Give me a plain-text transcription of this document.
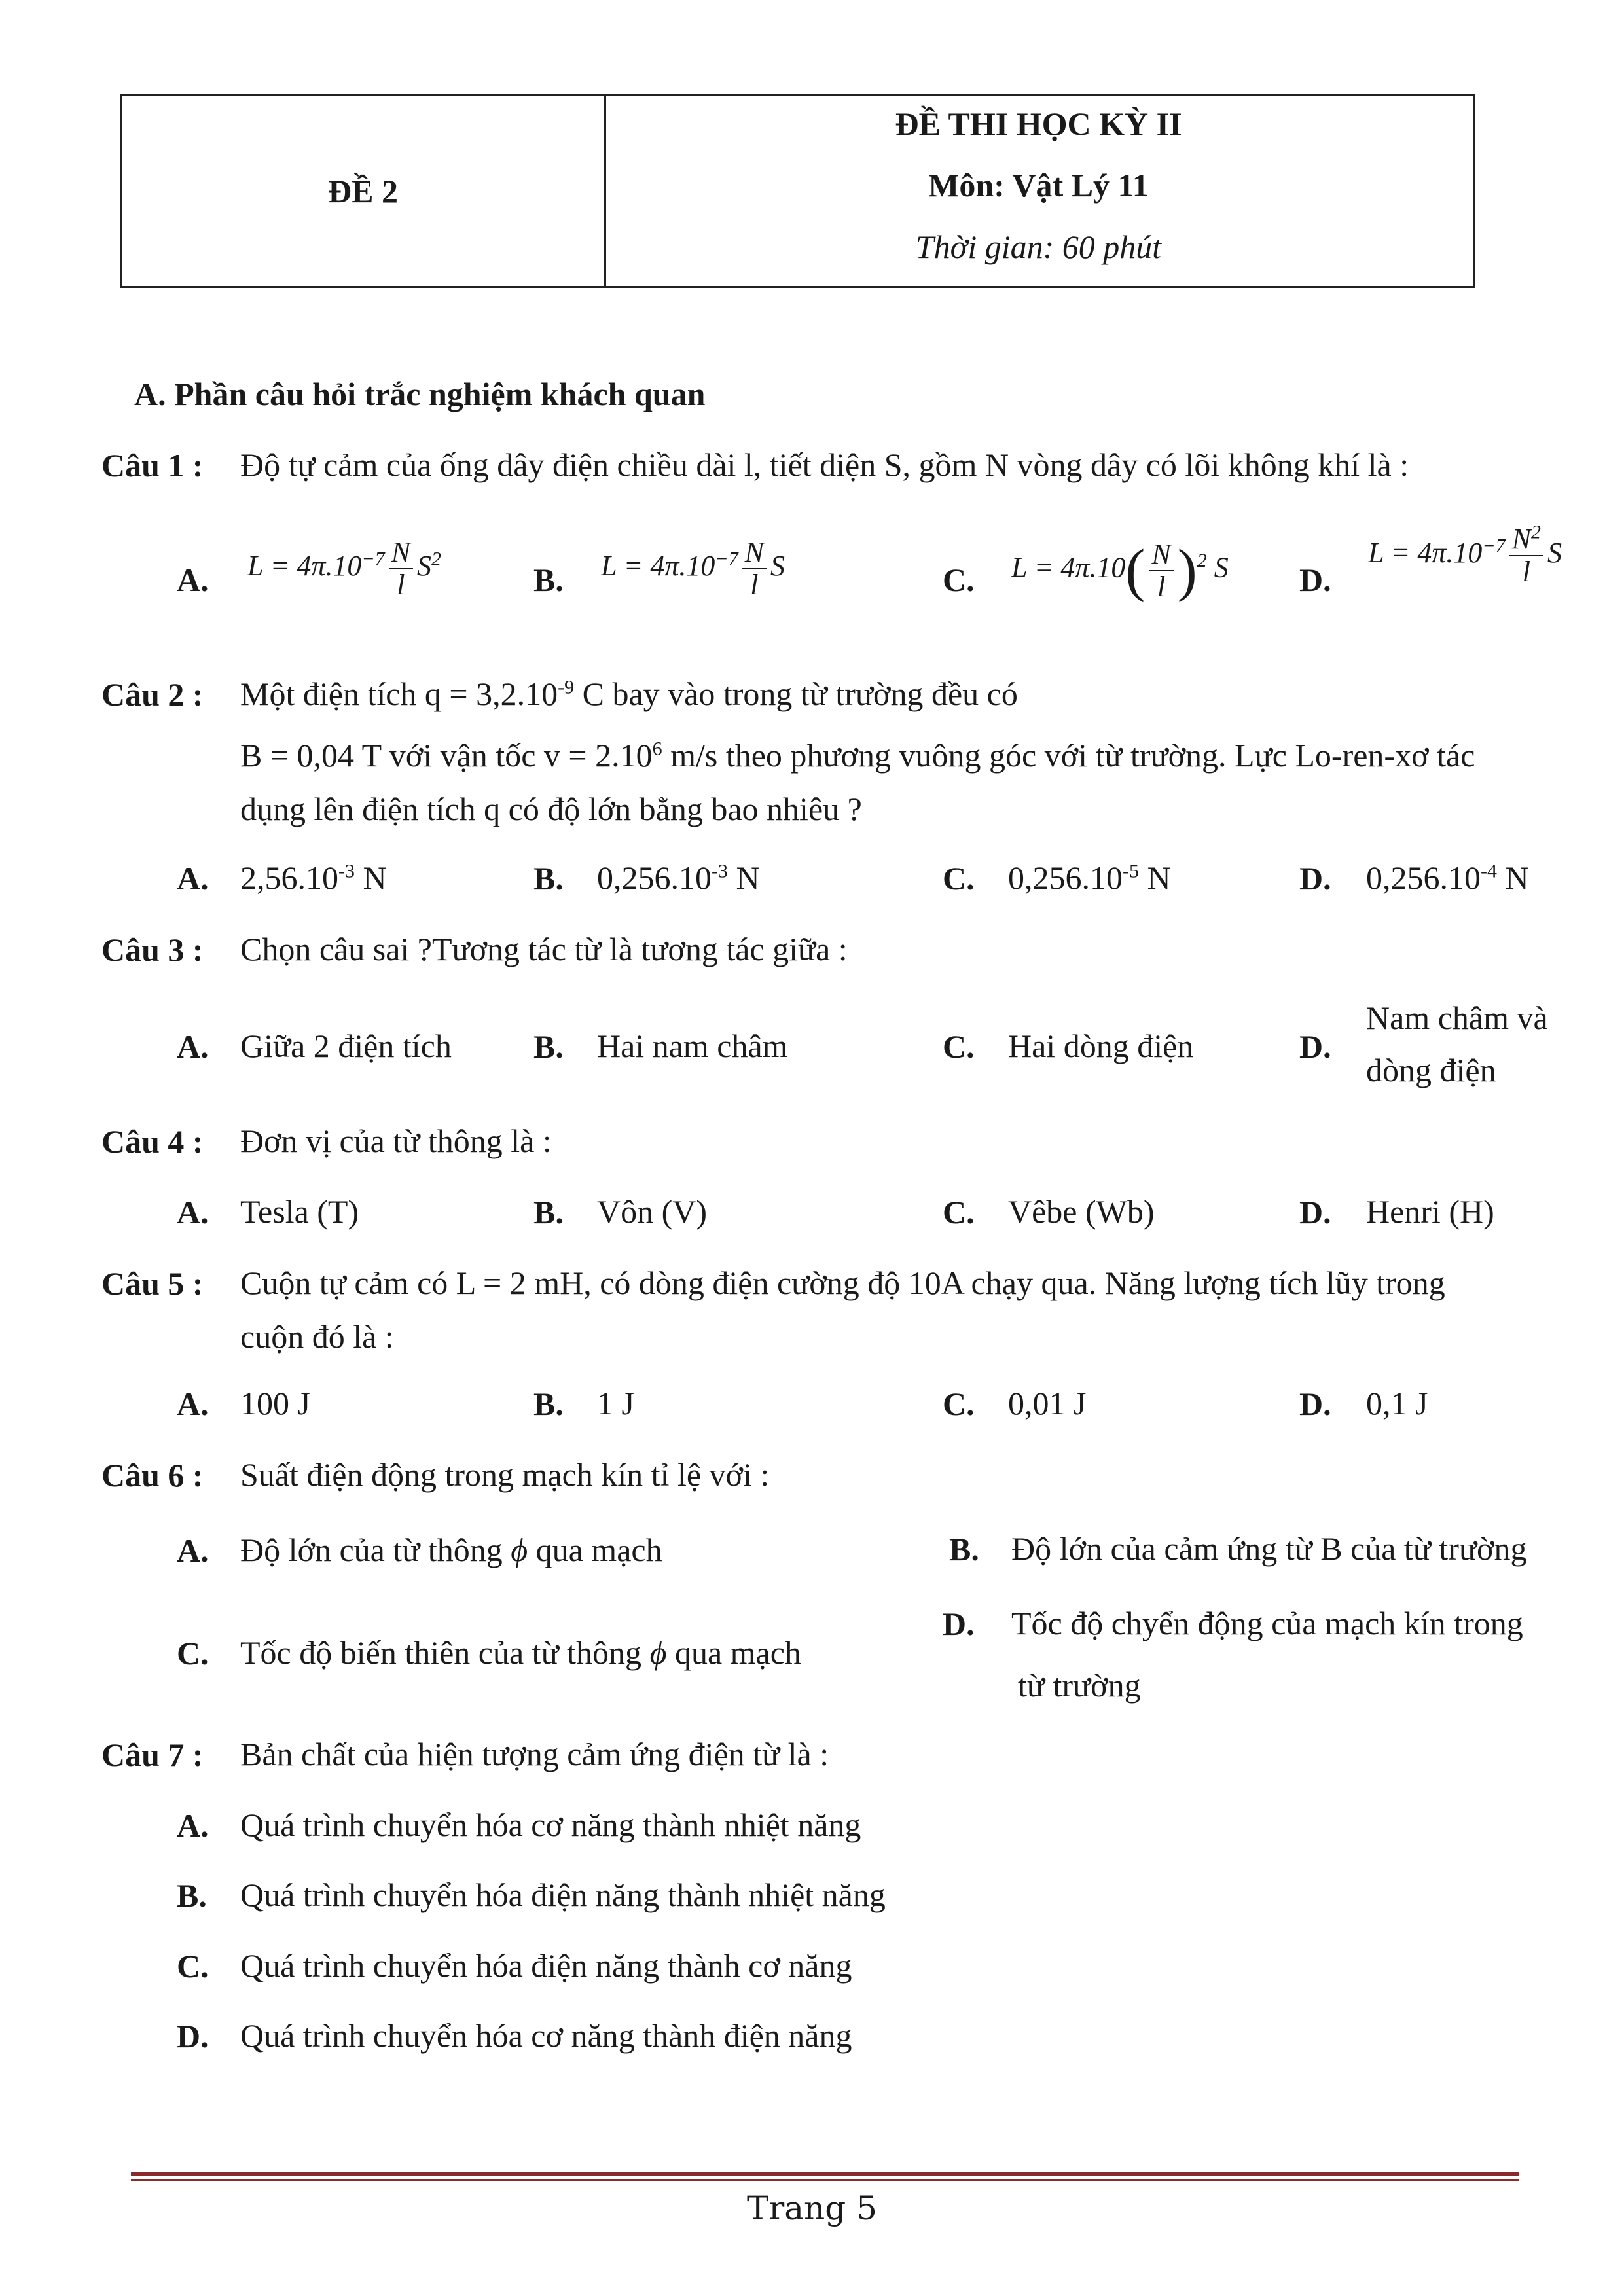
ĐỀ 2
ĐỀ THI HỌC KỲ II
Môn: Vật Lý 11
Thời gian: 60 phút
A. Phần câu hỏi trắc nghiệm khách quan
Câu 1 : Độ tự cảm của ống dây điện chiều dài l, tiết diện S, gồm N vòng dây có lõi không khí là :
A. $L = 4\pi.10^{-7} \frac{N}{l} S^2$
B. $L = 4\pi.10^{-7} \frac{N}{l}$ S	C. $L = 4\pi.10( \frac{N}{l} )^2$ S D.
$L = 4\pi.10^{-7} \frac{N^2}{l}$ S
Câu 2 : Một điện tích $q = 3,2.10^{-9}$ C bay vào trong từ trường đều có
B = 0,04 T với vận tốc $v = 2.10^6$ m/s theo phương vuông góc với từ trường. Lực Lo-ren-xơ tác
dụng lên điện tích q có độ lớn bằng bao nhiêu ?
A. $2,56.10^{-3}$ N	B. $0,256.10^{-3}$ N	C. $0,256.10^{-5}$ N	D. $0,256.10^{-4}$ N
Câu 3 : Chọn câu sai ?Tương tác từ là tương tác giữa :
A. Giữa 2 điện tích	B. Hai nam châm	C. Hai dòng điện	D.
Nam châm và
dòng điện
Câu 4 : Đơn vị của từ thông là :
A. Tesla (T)	B. Vôn (V)	C. Vêbe (Wb)	D. Henri (H)
Câu 5 : Cuộn tự cảm có L = 2 mH, có dòng điện cường độ 10A chạy qua. Năng lượng tích lũy trong
cuộn đó là :
A. 100 J	B. 1 J	C. 0,01 J	D. 0,1 J
Câu 6 : Suất điện động trong mạch kín tỉ lệ với :
A. Độ lớn của từ thông ϕ qua mạch	B. Độ lớn của cảm ứng từ B của từ trường
C. Tốc độ biến thiên của từ thông ϕ qua mạch
D. Tốc độ chyển động của mạch kín trong
từ trường
Câu 7 : Bản chất của hiện tượng cảm ứng điện từ là :
A. Quá trình chuyển hóa cơ năng thành nhiệt năng
B. Quá trình chuyển hóa điện năng thành nhiệt năng
C. Quá trình chuyển hóa điện năng thành cơ năng
D. Quá trình chuyển hóa cơ năng thành điện năng
Trang 5
